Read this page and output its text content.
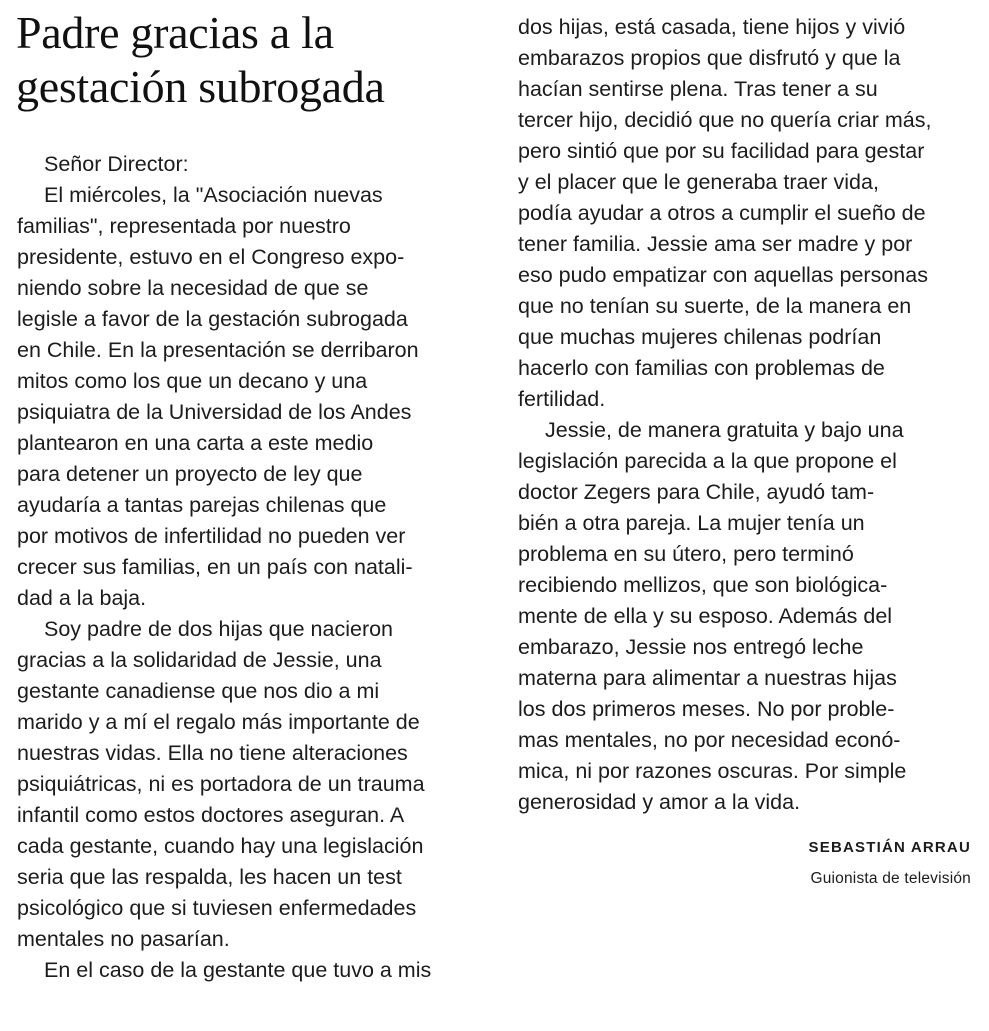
Padre gracias a la
gestación subrogada
Señor Director:
El miércoles, la "Asociación nuevas
familias", representada por nuestro
presidente, estuvo en el Congreso expo-
niendo sobre la necesidad de que se
legisle a favor de la gestación subrogada
en Chile. En la presentación se derribaron
mitos como los que un decano y una
psiquiatra de la Universidad de los Andes
plantearon en una carta a este medio
para detener un proyecto de ley que
ayudaría a tantas parejas chilenas que
por motivos de infertilidad no pueden ver
crecer sus familias, en un país con natali-
dad a la baja.
Soy padre de dos hijas que nacieron
gracias a la solidaridad de Jessie, una
gestante canadiense que nos dio a mi
marido y a mí el regalo más importante de
nuestras vidas. Ella no tiene alteraciones
psiquiátricas, ni es portadora de un trauma
infantil como estos doctores aseguran. A
cada gestante, cuando hay una legislación
seria que las respalda, les hacen un test
psicológico que si tuviesen enfermedades
mentales no pasarían.
En el caso de la gestante que tuvo a mis
dos hijas, está casada, tiene hijos y vivió
embarazos propios que disfrutó y que la
hacían sentirse plena. Tras tener a su
tercer hijo, decidió que no quería criar más,
pero sintió que por su facilidad para gestar
y el placer que le generaba traer vida,
podía ayudar a otros a cumplir el sueño de
tener familia. Jessie ama ser madre y por
eso pudo empatizar con aquellas personas
que no tenían su suerte, de la manera en
que muchas mujeres chilenas podrían
hacerlo con familias con problemas de
fertilidad.
Jessie, de manera gratuita y bajo una
legislación parecida a la que propone el
doctor Zegers para Chile, ayudó tam-
bién a otra pareja. La mujer tenía un
problema en su útero, pero terminó
recibiendo mellizos, que son biológica-
mente de ella y su esposo. Además del
embarazo, Jessie nos entregó leche
materna para alimentar a nuestras hijas
los dos primeros meses. No por proble-
mas mentales, no por necesidad econó-
mica, ni por razones oscuras. Por simple
generosidad y amor a la vida.
SEBASTIÁN ARRAU
Guionista de televisión
